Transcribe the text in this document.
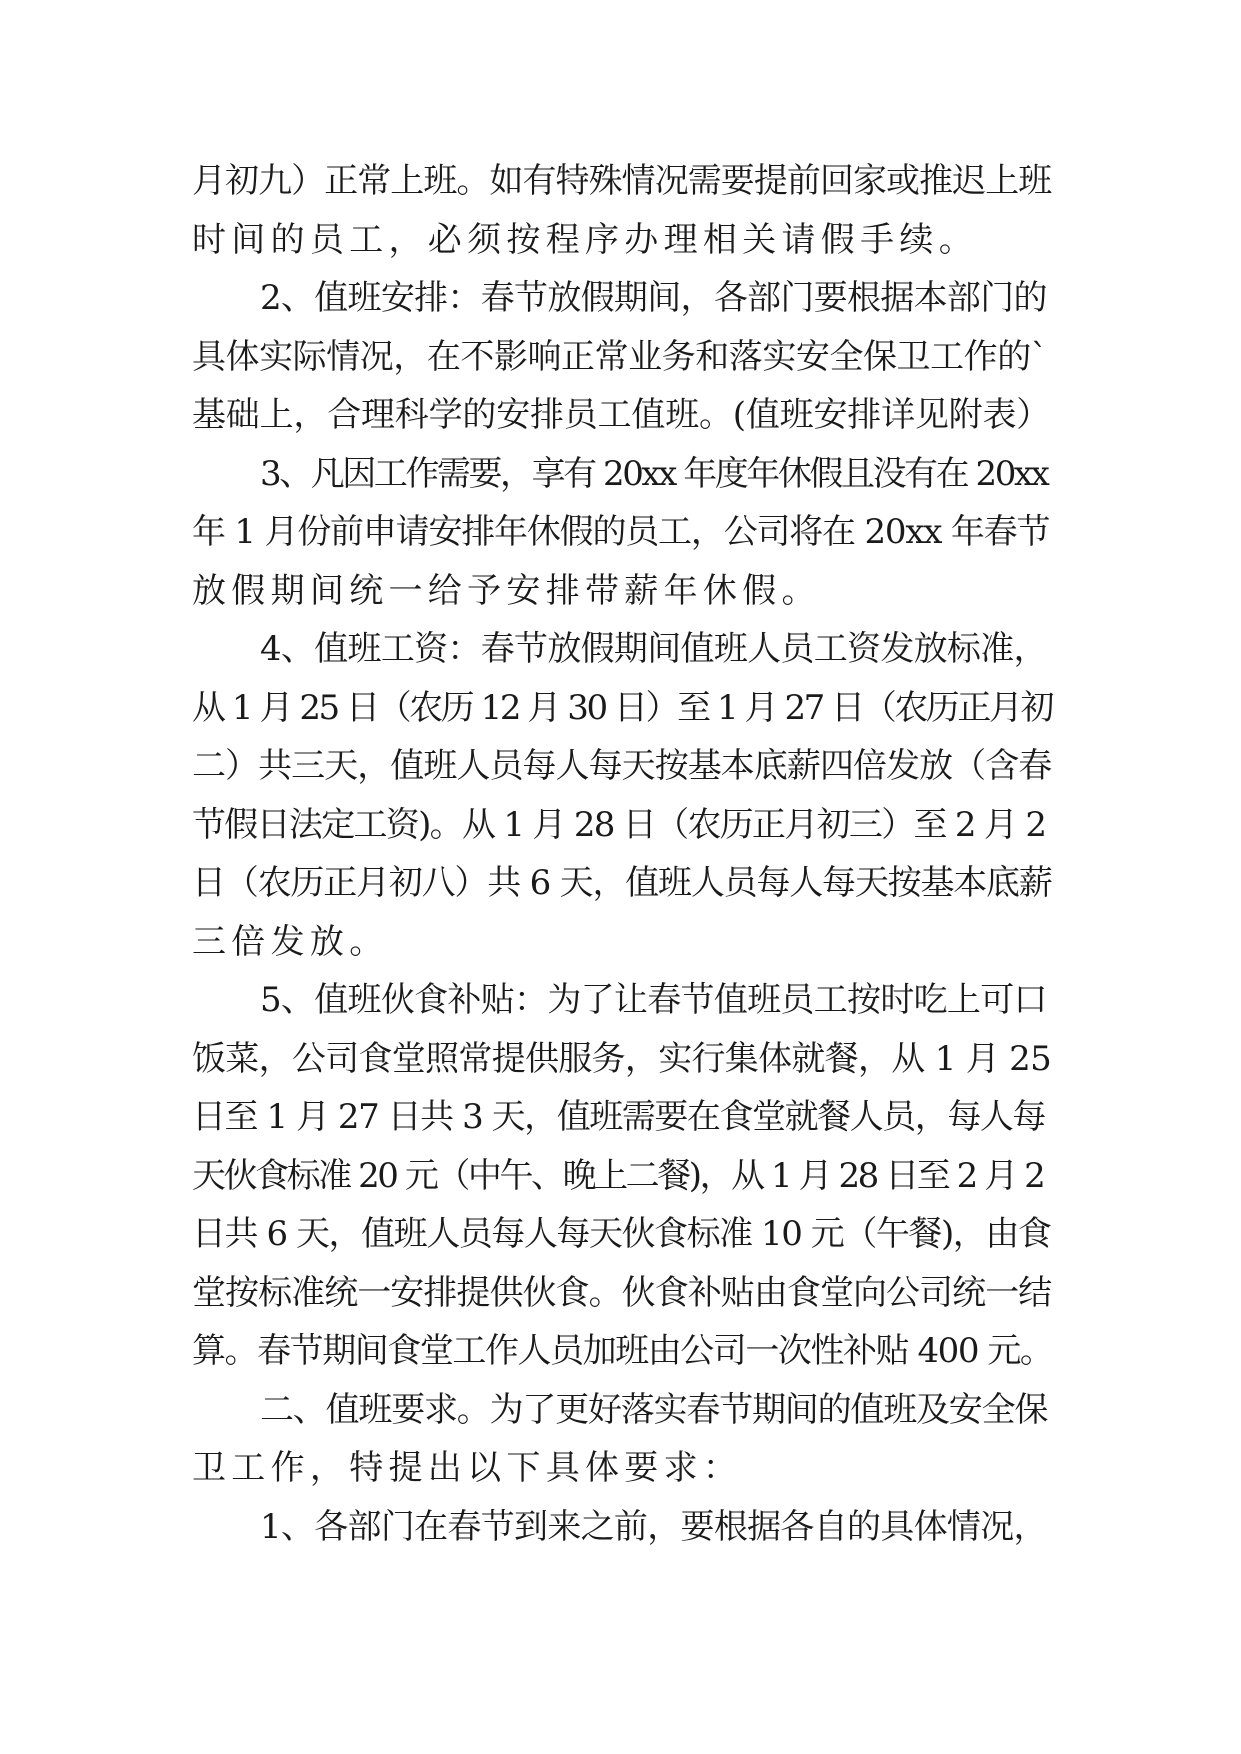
月初九）正常上班。如有特殊情况需要提前回家或推迟上班
时间的员工，必须按程序办理相关请假手续。
2、值班安排：春节放假期间，各部门要根据本部门的
具体实际情况，在不影响正常业务和落实安全保卫工作的`
基础上，合理科学的安排员工值班。(值班安排详见附表）
3、凡因工作需要，享有 20xx 年度年休假且没有在 20xx
年 1 月份前申请安排年休假的员工，公司将在 20xx 年春节
放假期间统一给予安排带薪年休假。
4、值班工资：春节放假期间值班人员工资发放标准，
从 1 月 25 日（农历 12 月 30 日）至 1 月 27 日（农历正月初
二）共三天，值班人员每人每天按基本底薪四倍发放（含春
节假日法定工资)。从 1 月 28 日（农历正月初三）至 2 月 2
日（农历正月初八）共 6 天，值班人员每人每天按基本底薪
三倍发放。
5、值班伙食补贴：为了让春节值班员工按时吃上可口
饭菜，公司食堂照常提供服务，实行集体就餐，从 1 月 25
日至 1 月 27 日共 3 天，值班需要在食堂就餐人员，每人每
天伙食标准 20 元（中午、晚上二餐)，从 1 月 28 日至 2 月 2
日共 6 天，值班人员每人每天伙食标准 10 元（午餐)，由食
堂按标准统一安排提供伙食。伙食补贴由食堂向公司统一结
算。春节期间食堂工作人员加班由公司一次性补贴 400 元。
二、值班要求。为了更好落实春节期间的值班及安全保
卫工作，特提出以下具体要求：
1、各部门在春节到来之前，要根据各自的具体情况，
